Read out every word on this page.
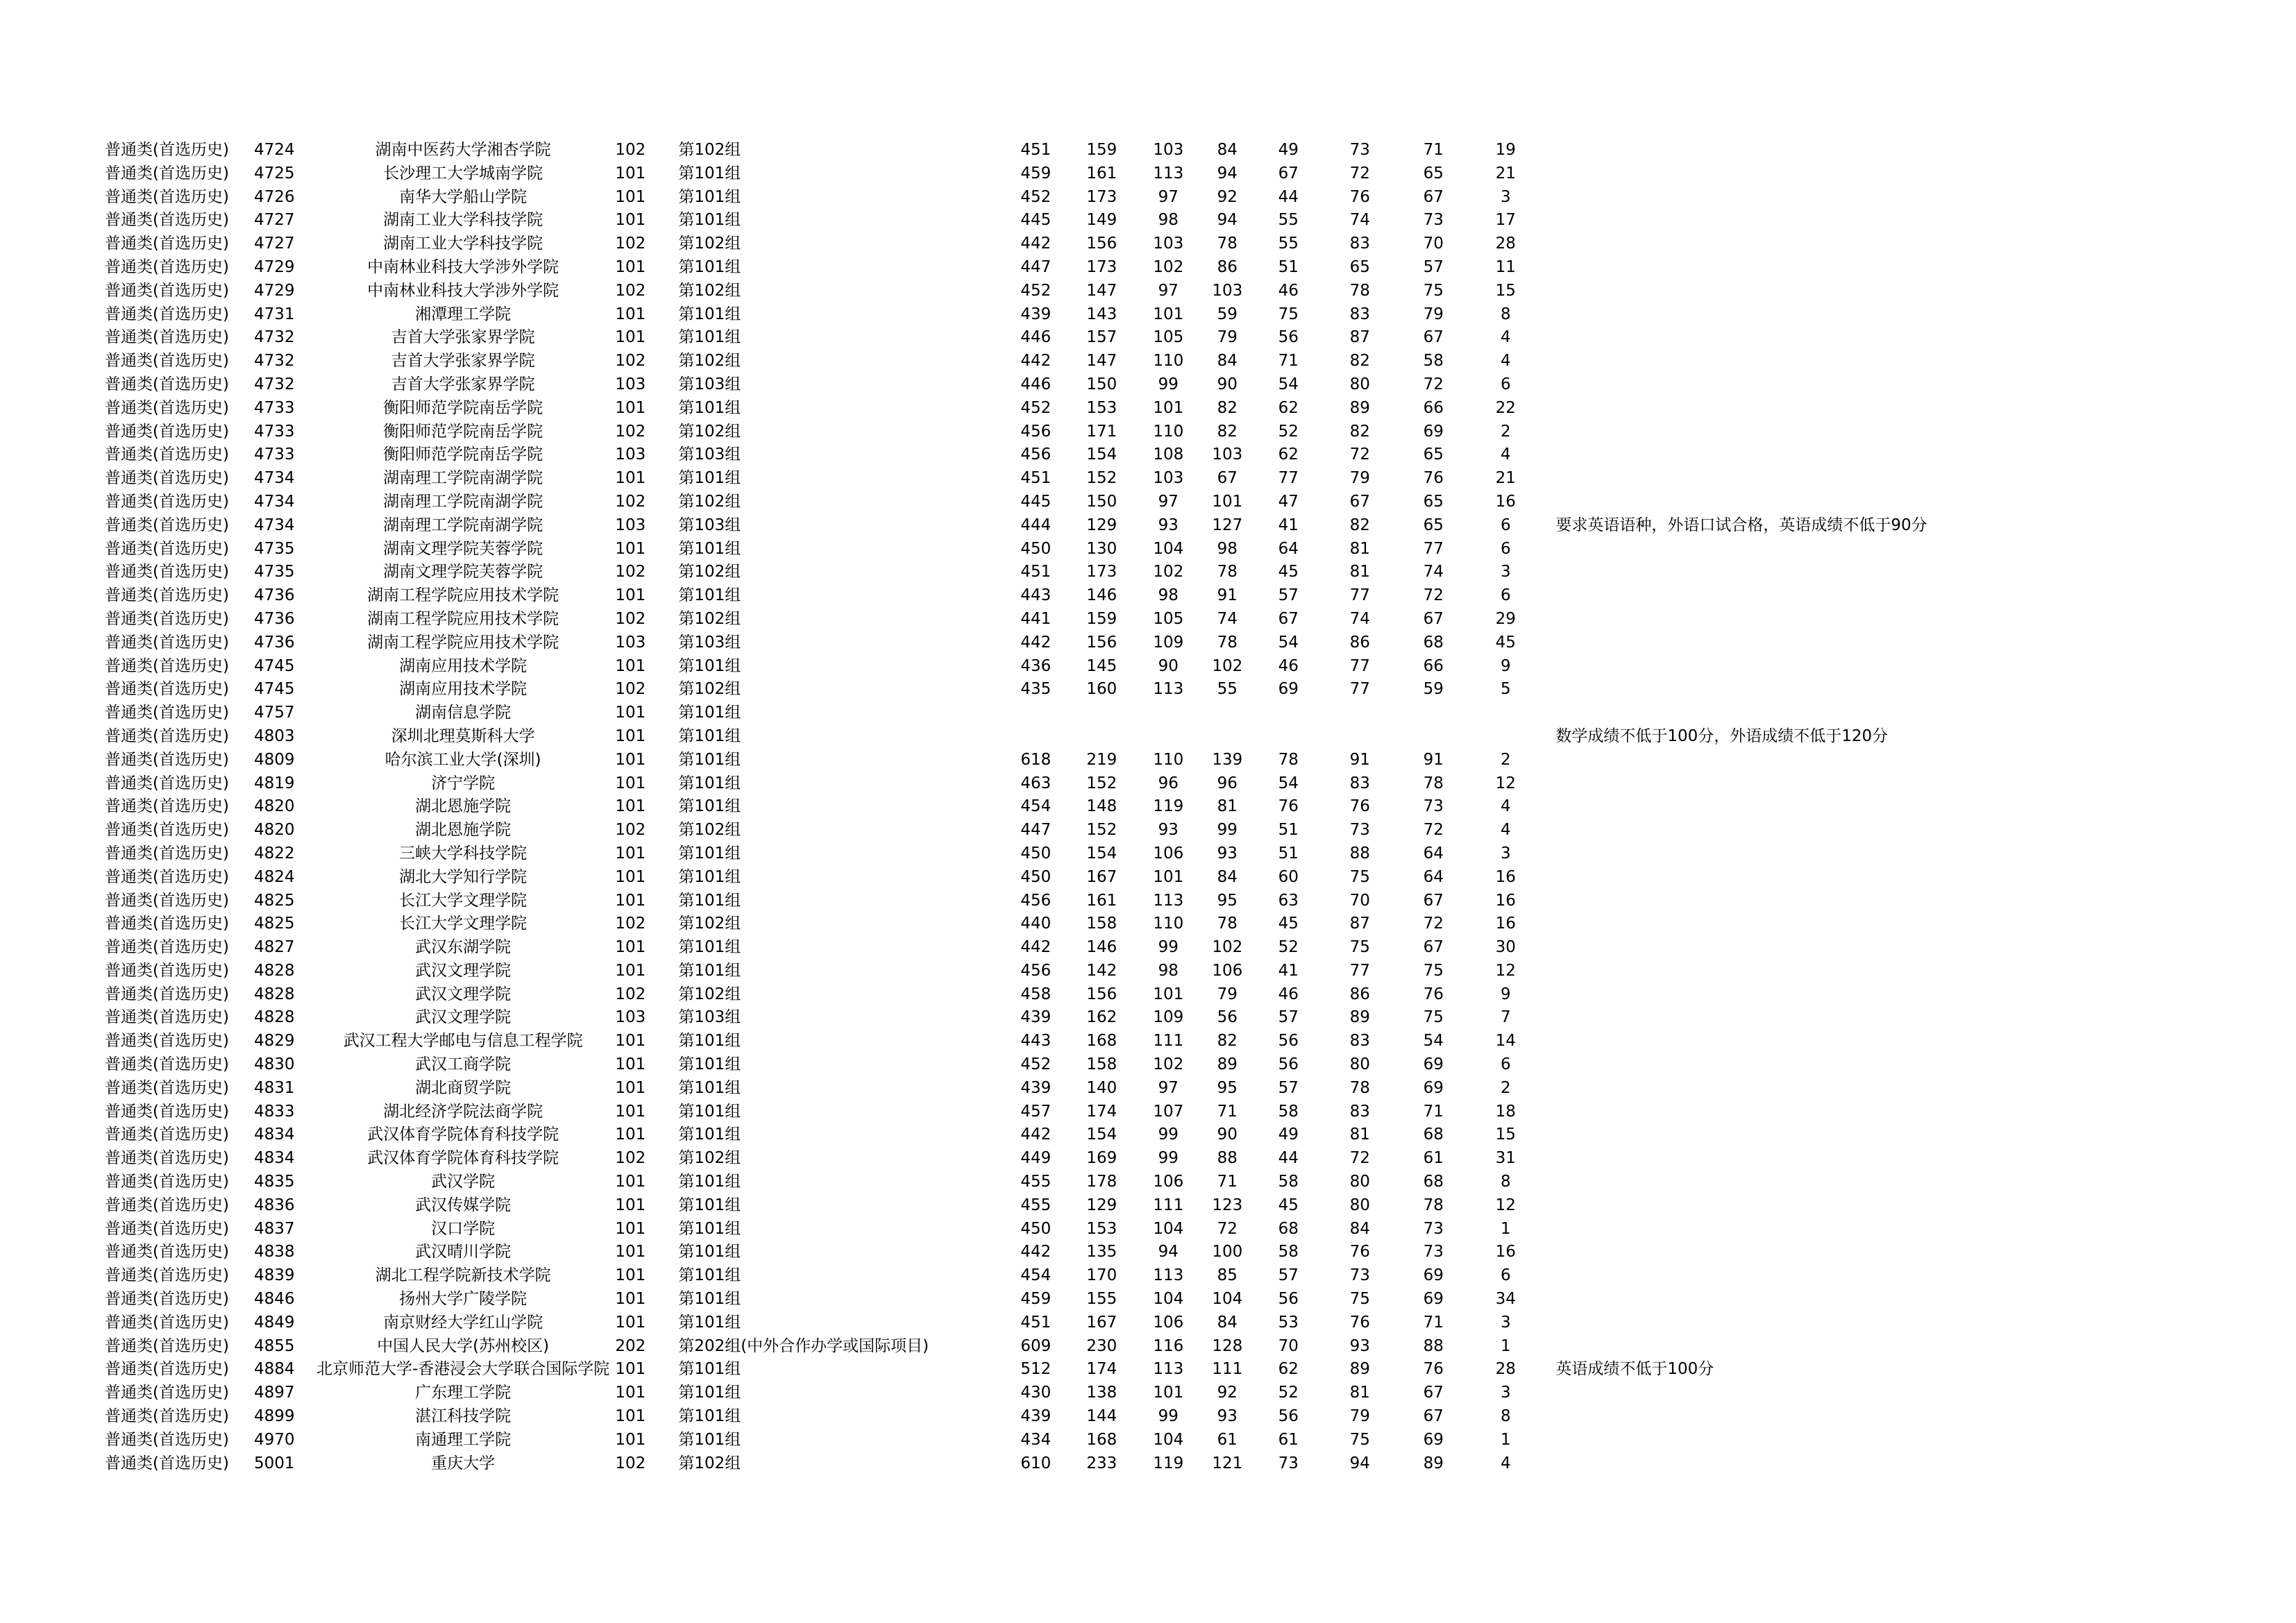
普通类(首选历史)	4724	湖南中医药大学湘杏学院	102	第102组	451	159	103	84	49	73	71	19	
普通类(首选历史)	4725	长沙理工大学城南学院	101	第101组	459	161	113	94	67	72	65	21	
普通类(首选历史)	4726	南华大学船山学院	101	第101组	452	173	97	92	44	76	67	3	
普通类(首选历史)	4727	湖南工业大学科技学院	101	第101组	445	149	98	94	55	74	73	17	
普通类(首选历史)	4727	湖南工业大学科技学院	102	第102组	442	156	103	78	55	83	70	28	
普通类(首选历史)	4729	中南林业科技大学涉外学院	101	第101组	447	173	102	86	51	65	57	11	
普通类(首选历史)	4729	中南林业科技大学涉外学院	102	第102组	452	147	97	103	46	78	75	15	
普通类(首选历史)	4731	湘潭理工学院	101	第101组	439	143	101	59	75	83	79	8	
普通类(首选历史)	4732	吉首大学张家界学院	101	第101组	446	157	105	79	56	87	67	4	
普通类(首选历史)	4732	吉首大学张家界学院	102	第102组	442	147	110	84	71	82	58	4	
普通类(首选历史)	4732	吉首大学张家界学院	103	第103组	446	150	99	90	54	80	72	6	
普通类(首选历史)	4733	衡阳师范学院南岳学院	101	第101组	452	153	101	82	62	89	66	22	
普通类(首选历史)	4733	衡阳师范学院南岳学院	102	第102组	456	171	110	82	52	82	69	2	
普通类(首选历史)	4733	衡阳师范学院南岳学院	103	第103组	456	154	108	103	62	72	65	4	
普通类(首选历史)	4734	湖南理工学院南湖学院	101	第101组	451	152	103	67	77	79	76	21	
普通类(首选历史)	4734	湖南理工学院南湖学院	102	第102组	445	150	97	101	47	67	65	16	
普通类(首选历史)	4734	湖南理工学院南湖学院	103	第103组	444	129	93	127	41	82	65	6	要求英语语种，外语口试合格，英语成绩不低于90分
普通类(首选历史)	4735	湖南文理学院芙蓉学院	101	第101组	450	130	104	98	64	81	77	6	
普通类(首选历史)	4735	湖南文理学院芙蓉学院	102	第102组	451	173	102	78	45	81	74	3	
普通类(首选历史)	4736	湖南工程学院应用技术学院	101	第101组	443	146	98	91	57	77	72	6	
普通类(首选历史)	4736	湖南工程学院应用技术学院	102	第102组	441	159	105	74	67	74	67	29	
普通类(首选历史)	4736	湖南工程学院应用技术学院	103	第103组	442	156	109	78	54	86	68	45	
普通类(首选历史)	4745	湖南应用技术学院	101	第101组	436	145	90	102	46	77	66	9	
普通类(首选历史)	4745	湖南应用技术学院	102	第102组	435	160	113	55	69	77	59	5	
普通类(首选历史)	4757	湖南信息学院	101	第101组									
普通类(首选历史)	4803	深圳北理莫斯科大学	101	第101组									数学成绩不低于100分，外语成绩不低于120分
普通类(首选历史)	4809	哈尔滨工业大学(深圳)	101	第101组	618	219	110	139	78	91	91	2	
普通类(首选历史)	4819	济宁学院	101	第101组	463	152	96	96	54	83	78	12	
普通类(首选历史)	4820	湖北恩施学院	101	第101组	454	148	119	81	76	76	73	4	
普通类(首选历史)	4820	湖北恩施学院	102	第102组	447	152	93	99	51	73	72	4	
普通类(首选历史)	4822	三峡大学科技学院	101	第101组	450	154	106	93	51	88	64	3	
普通类(首选历史)	4824	湖北大学知行学院	101	第101组	450	167	101	84	60	75	64	16	
普通类(首选历史)	4825	长江大学文理学院	101	第101组	456	161	113	95	63	70	67	16	
普通类(首选历史)	4825	长江大学文理学院	102	第102组	440	158	110	78	45	87	72	16	
普通类(首选历史)	4827	武汉东湖学院	101	第101组	442	146	99	102	52	75	67	30	
普通类(首选历史)	4828	武汉文理学院	101	第101组	456	142	98	106	41	77	75	12	
普通类(首选历史)	4828	武汉文理学院	102	第102组	458	156	101	79	46	86	76	9	
普通类(首选历史)	4828	武汉文理学院	103	第103组	439	162	109	56	57	89	75	7	
普通类(首选历史)	4829	武汉工程大学邮电与信息工程学院	101	第101组	443	168	111	82	56	83	54	14	
普通类(首选历史)	4830	武汉工商学院	101	第101组	452	158	102	89	56	80	69	6	
普通类(首选历史)	4831	湖北商贸学院	101	第101组	439	140	97	95	57	78	69	2	
普通类(首选历史)	4833	湖北经济学院法商学院	101	第101组	457	174	107	71	58	83	71	18	
普通类(首选历史)	4834	武汉体育学院体育科技学院	101	第101组	442	154	99	90	49	81	68	15	
普通类(首选历史)	4834	武汉体育学院体育科技学院	102	第102组	449	169	99	88	44	72	61	31	
普通类(首选历史)	4835	武汉学院	101	第101组	455	178	106	71	58	80	68	8	
普通类(首选历史)	4836	武汉传媒学院	101	第101组	455	129	111	123	45	80	78	12	
普通类(首选历史)	4837	汉口学院	101	第101组	450	153	104	72	68	84	73	1	
普通类(首选历史)	4838	武汉晴川学院	101	第101组	442	135	94	100	58	76	73	16	
普通类(首选历史)	4839	湖北工程学院新技术学院	101	第101组	454	170	113	85	57	73	69	6	
普通类(首选历史)	4846	扬州大学广陵学院	101	第101组	459	155	104	104	56	75	69	34	
普通类(首选历史)	4849	南京财经大学红山学院	101	第101组	451	167	106	84	53	76	71	3	
普通类(首选历史)	4855	中国人民大学(苏州校区)	202	第202组(中外合作办学或国际项目)	609	230	116	128	70	93	88	1	
普通类(首选历史)	4884	北京师范大学-香港浸会大学联合国际学院	101	第101组	512	174	113	111	62	89	76	28	英语成绩不低于100分
普通类(首选历史)	4897	广东理工学院	101	第101组	430	138	101	92	52	81	67	3	
普通类(首选历史)	4899	湛江科技学院	101	第101组	439	144	99	93	56	79	67	8	
普通类(首选历史)	4970	南通理工学院	101	第101组	434	168	104	61	61	75	69	1	
普通类(首选历史)	5001	重庆大学	102	第102组	610	233	119	121	73	94	89	4	
